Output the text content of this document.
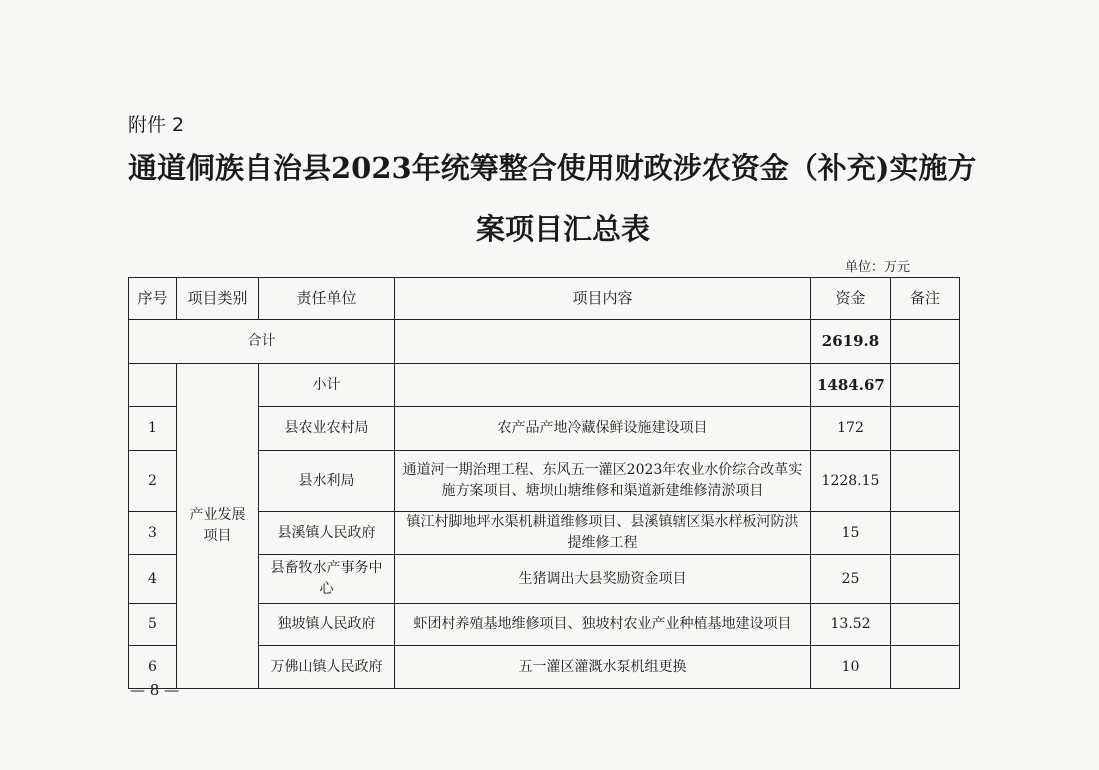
附件 2
通道侗族自治县2023年统筹整合使用财政涉农资金（补充)实施方
案项目汇总表
单位：万元
序号	项目类别	责任单位	项目内容	资金	备注
合计				2619.8	
	产业发展项目	小计		1484.67	
1		县农业农村局	农产品产地冷藏保鲜设施建设项目	172	
2		县水利局	通道河一期治理工程、东风五一灌区2023年农业水价综合改革实施方案项目、塘坝山塘维修和渠道新建维修清淤项目	1228.15	
3		县溪镇人民政府	镇江村脚地坪水渠机耕道维修项目、县溪镇辖区渠水样板河防洪提维修工程	15	
4		县畜牧水产事务中心	生猪调出大县奖励资金项目	25	
5		独坡镇人民政府	虾团村养殖基地维修项目、独坡村农业产业种植基地建设项目	13.52	
6		万佛山镇人民政府	五一灌区灌溉水泵机组更换	10	
— 8 —
